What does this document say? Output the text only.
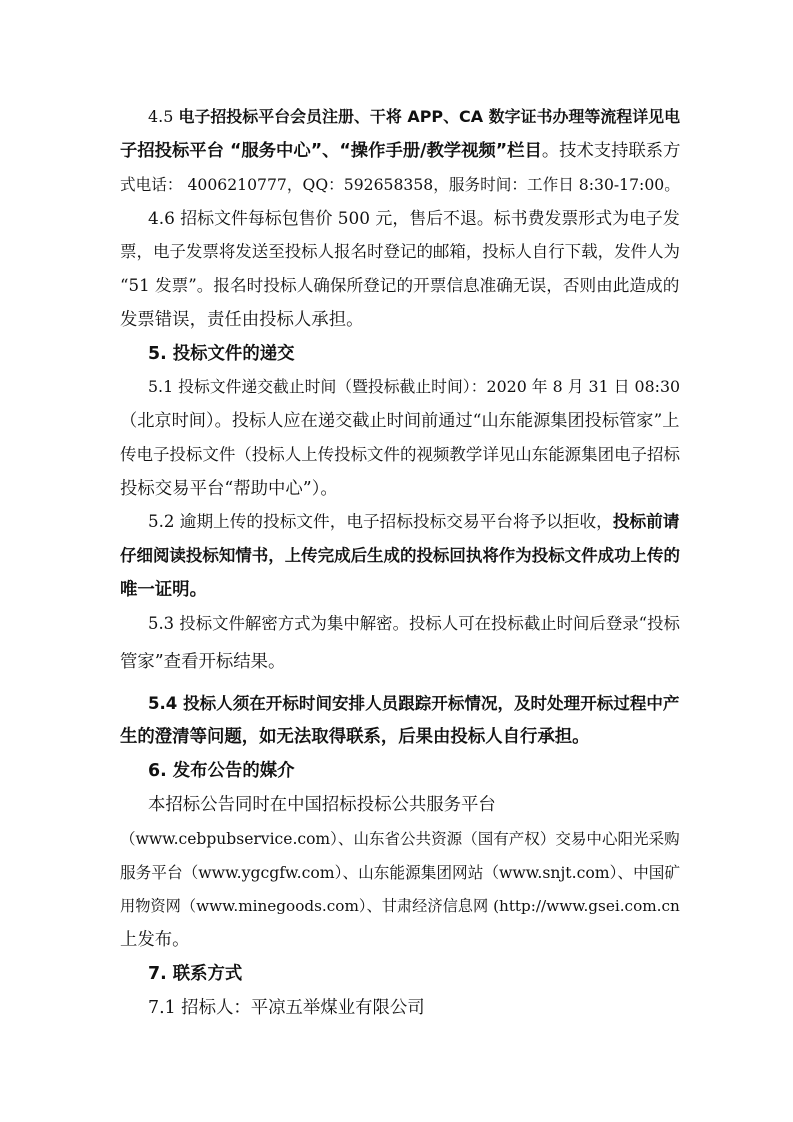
4.5 电子招投标平台会员注册、干将 APP、CA 数字证书办理等流程详见电
子招投标平台 “服务中心”、“操作手册/教学视频”栏目。技术支持联系方
式电话： 4006210777，QQ：592658358，服务时间：工作日 8:30-17:00。
4.6 招标文件每标包售价 500 元，售后不退。标书费发票形式为电子发
票，电子发票将发送至投标人报名时登记的邮箱，投标人自行下载，发件人为
“51 发票”。报名时投标人确保所登记的开票信息准确无误，否则由此造成的
发票错误，责任由投标人承担。
5. 投标文件的递交
5.1 投标文件递交截止时间（暨投标截止时间）：2020 年 8 月 31 日 08:30
（北京时间）。投标人应在递交截止时间前通过“山东能源集团投标管家”上
传电子投标文件（投标人上传投标文件的视频教学详见山东能源集团电子招标
投标交易平台“帮助中心”）。
5.2 逾期上传的投标文件，电子招标投标交易平台将予以拒收，投标前请
仔细阅读投标知情书，上传完成后生成的投标回执将作为投标文件成功上传的
唯一证明。
5.3 投标文件解密方式为集中解密。投标人可在投标截止时间后登录“投标
管家”查看开标结果。
5.4 投标人须在开标时间安排人员跟踪开标情况，及时处理开标过程中产
生的澄清等问题，如无法取得联系，后果由投标人自行承担。
6. 发布公告的媒介
本招标公告同时在中国招标投标公共服务平台
（www.cebpubservice.com）、山东省公共资源（国有产权）交易中心阳光采购
服务平台（www.ygcgfw.com）、山东能源集团网站（www.snjt.com）、中国矿
用物资网（www.minegoods.com）、甘肃经济信息网 (http://www.gsei.com.cn
上发布。
7. 联系方式
7.1 招标人：平凉五举煤业有限公司
